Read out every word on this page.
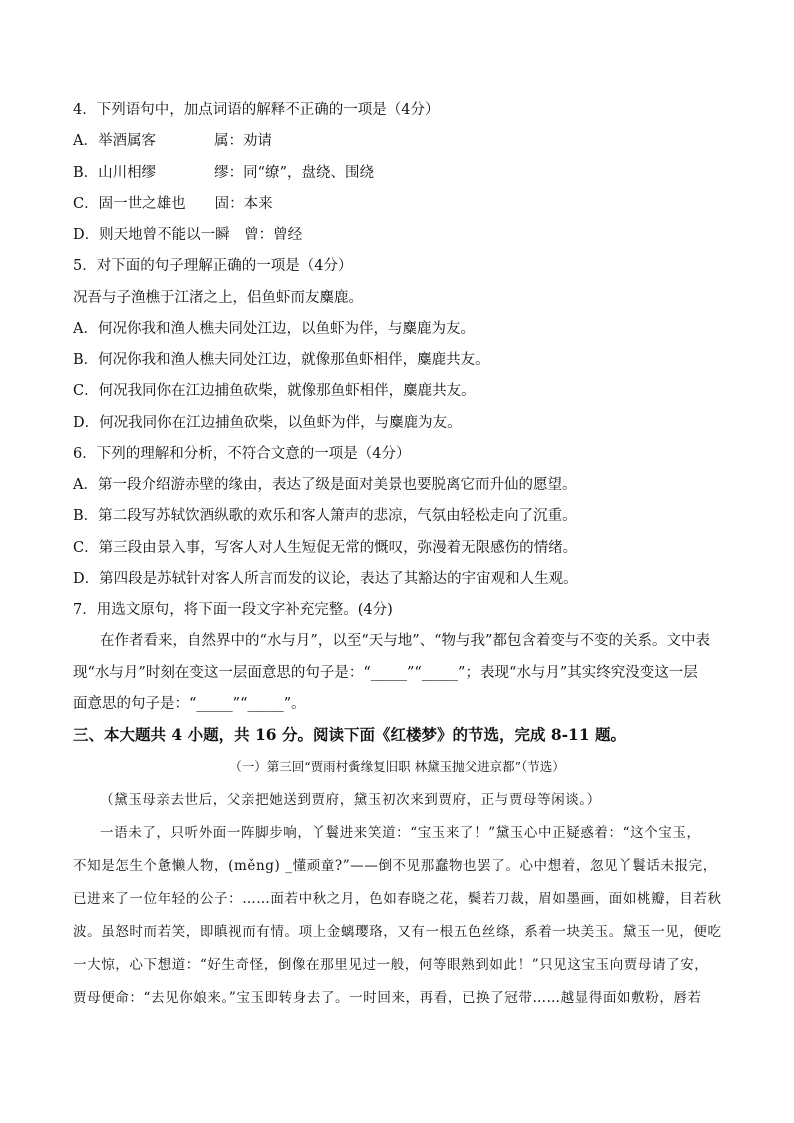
4．下列语句中，加点词语的解释不正确的一项是（4分）
A．举酒属客　　　　属：劝请
B．山川相缪　　　　缪：同“缭”，盘绕、围绕
C．固一世之雄也　　固：本来
D．则天地曾不能以一瞬　曾：曾经
5．对下面的句子理解正确的一项是（4分）
况吾与子渔樵于江渚之上，侣鱼虾而友麋鹿。
A．何况你我和渔人樵夫同处江边，以鱼虾为伴，与麋鹿为友。
B．何况你我和渔人樵夫同处江边，就像那鱼虾相伴，麋鹿共友。
C．何况我同你在江边捕鱼砍柴，就像那鱼虾相伴，麋鹿共友。
D．何况我同你在江边捕鱼砍柴，以鱼虾为伴，与麋鹿为友。
6．下列的理解和分析，不符合文意的一项是（4分）
A．第一段介绍游赤壁的缘由，表达了级是面对美景也要脱离它而升仙的愿望。
B．第二段写苏轼饮酒纵歌的欢乐和客人箫声的悲凉，气氛由轻松走向了沉重。
C．第三段由景入事，写客人对人生短促无常的慨叹，弥漫着无限感伤的情绪。
D．第四段是苏轼针对客人所言而发的议论，表达了其豁达的宇宙观和人生观。
7．用选文原句，将下面一段文字补充完整。(4分)
在作者看来，自然界中的“水与月”，以至“天与地”、“物与我”都包含着变与不变的关系。文中表
现“水与月”时刻在变这一层面意思的句子是：“_____”“_____”；表现“水与月”其实终究没变这一层
面意思的句子是：“_____”“_____”。
三、本大题共 4 小题，共 16 分。阅读下面《红楼梦》的节选，完成 8-11 题。
（一）第三回“贾雨村夤缘复旧职 林黛玉抛父进京都”（节选）
（黛玉母亲去世后，父亲把她送到贾府，黛玉初次来到贾府，正与贾母等闲谈。）
一语未了，只听外面一阵脚步响，丫鬟进来笑道：“宝玉来了！”黛玉心中正疑惑着：“这个宝玉，
不知是怎生个惫懒人物，(měng) _懂顽童?”——倒不见那蠢物也罢了。心中想着，忽见丫鬟话未报完，
已进来了一位年轻的公子：……面若中秋之月，色如春晓之花，鬓若刀裁，眉如墨画，面如桃瓣，目若秋
波。虽怒时而若笑，即瞋视而有情。项上金螭璎珞，又有一根五色丝绦，系着一块美玉。黛玉一见，便吃
一大惊，心下想道：“好生奇怪，倒像在那里见过一般，何等眼熟到如此！”只见这宝玉向贾母请了安，
贾母便命：“去见你娘来。”宝玉即转身去了。一时回来，再看，已换了冠带……越显得面如敷粉，唇若
